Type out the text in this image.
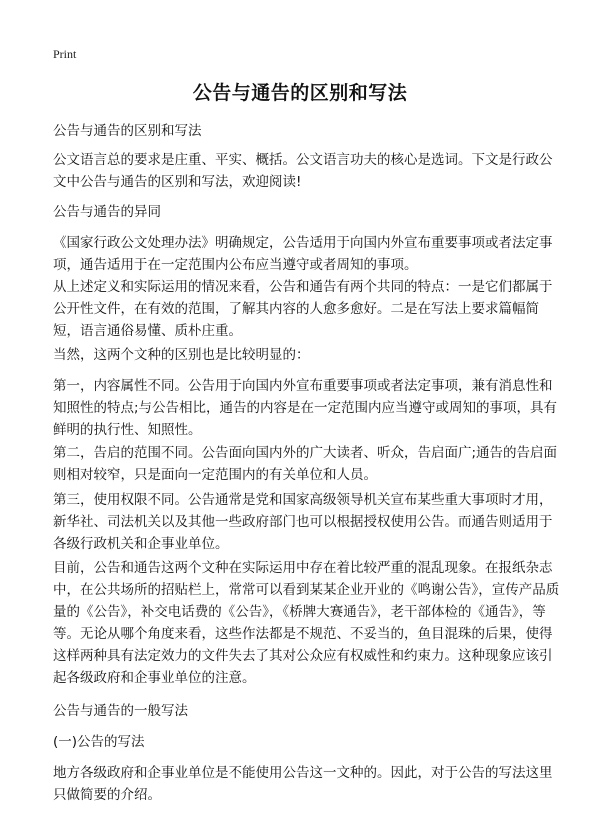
Print
公告与通告的区别和写法

公告与通告的区别和写法

公文语言总的要求是庄重、平实、概括。公文语言功夫的核心是选词。下文是行政公文中公告与通告的区别和写法，欢迎阅读!

公告与通告的异同

《国家行政公文处理办法》明确规定，公告适用于向国内外宣布重要事项或者法定事项，通告适用于在一定范围内公布应当遵守或者周知的事项。

从上述定义和实际运用的情况来看，公告和通告有两个共同的特点：一是它们都属于公开性文件，在有效的范围，了解其内容的人愈多愈好。二是在写法上要求篇幅简短，语言通俗易懂、质朴庄重。

当然，这两个文种的区别也是比较明显的：

第一，内容属性不同。公告用于向国内外宣布重要事项或者法定事项，兼有消息性和知照性的特点;与公告相比，通告的内容是在一定范围内应当遵守或周知的事项，具有鲜明的执行性、知照性。

第二，告启的范围不同。公告面向国内外的广大读者、听众，告启面广;通告的告启面则相对较窄，只是面向一定范围内的有关单位和人员。

第三，使用权限不同。公告通常是党和国家高级领导机关宣布某些重大事项时才用，新华社、司法机关以及其他一些政府部门也可以根据授权使用公告。而通告则适用于各级行政机关和企事业单位。

目前，公告和通告这两个文种在实际运用中存在着比较严重的混乱现象。在报纸杂志中，在公共场所的招贴栏上，常常可以看到某某企业开业的《鸣谢公告》，宣传产品质量的《公告》，补交电话费的《公告》，《桥牌大赛通告》，老干部体检的《通告》，等等。无论从哪个角度来看，这些作法都是不规范、不妥当的，鱼目混珠的后果，使得这样两种具有法定效力的文件失去了其对公众应有权威性和约束力。这种现象应该引起各级政府和企事业单位的注意。

公告与通告的一般写法

(一)公告的写法

地方各级政府和企事业单位是不能使用公告这一文种的。因此，对于公告的写法这里只做简要的介绍。
